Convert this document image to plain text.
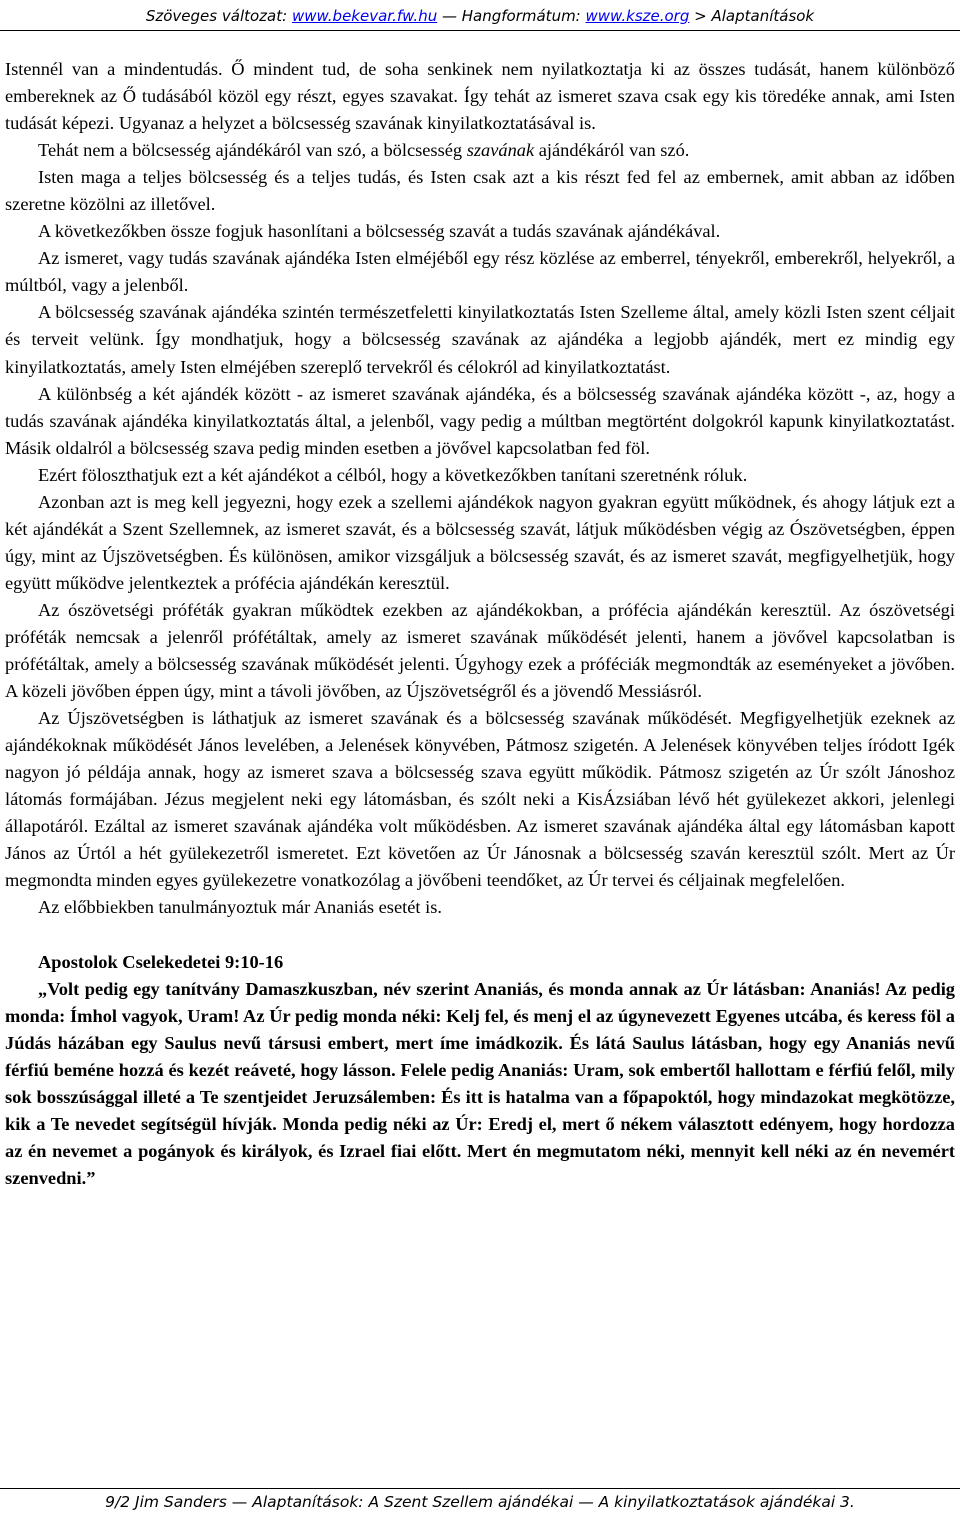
Szöveges változat: www.bekevar.fw.hu — Hangformátum: www.ksze.org > Alaptanítások

Istennél van a mindentudás. Ő mindent tud, de soha senkinek nem nyilatkoztatja ki az összes tudását, hanem különböző embereknek az Ő tudásából közöl egy részt, egyes szavakat. Így tehát az ismeret szava csak egy kis töredéke annak, ami Isten tudását képezi. Ugyanaz a helyzet a bölcsesség szavának kinyilatkoztatásával is.

Tehát nem a bölcsesség ajándékáról van szó, a bölcsesség szavának ajándékáról van szó.

Isten maga a teljes bölcsesség és a teljes tudás, és Isten csak azt a kis részt fed fel az embernek, amit abban az időben szeretne közölni az illetővel.

A következőkben össze fogjuk hasonlítani a bölcsesség szavát a tudás szavának ajándékával.

Az ismeret, vagy tudás szavának ajándéka Isten elméjéből egy rész közlése az emberrel, tényekről, emberekről, helyekről, a múltból, vagy a jelenből.

A bölcsesség szavának ajándéka szintén természetfeletti kinyilatkoztatás Isten Szelleme által, amely közli Isten szent céljait és terveit velünk. Így mondhatjuk, hogy a bölcsesség szavának az ajándéka a legjobb ajándék, mert ez mindig egy kinyilatkoztatás, amely Isten elméjében szereplő tervekről és célokról ad kinyilatkoztatást.

A különbség a két ajándék között - az ismeret szavának ajándéka, és a bölcsesség szavának ajándéka között -, az, hogy a tudás szavának ajándéka kinyilatkoztatás által, a jelenből, vagy pedig a múltban megtörtént dolgokról kapunk kinyilatkoztatást. Másik oldalról a bölcsesség szava pedig minden esetben a jövővel kapcsolatban fed föl.

Ezért föloszthatjuk ezt a két ajándékot a célból, hogy a következőkben tanítani szeretnénk róluk.

Azonban azt is meg kell jegyezni, hogy ezek a szellemi ajándékok nagyon gyakran együtt működnek, és ahogy látjuk ezt a két ajándékát a Szent Szellemnek, az ismeret szavát, és a bölcsesség szavát, látjuk működésben végig az Ószövetségben, éppen úgy, mint az Újszövetségben. És különösen, amikor vizsgáljuk a bölcsesség szavát, és az ismeret szavát, megfigyelhetjük, hogy együtt működve jelentkeztek a prófécia ajándékán keresztül.

Az ószövetségi próféták gyakran működtek ezekben az ajándékokban, a prófécia ajándékán keresztül. Az ószövetségi próféták nemcsak a jelenről prófétáltak, amely az ismeret szavának működését jelenti, hanem a jövővel kapcsolatban is prófétáltak, amely a bölcsesség szavának működését jelenti. Úgyhogy ezek a próféciák megmondták az eseményeket a jövőben. A közeli jövőben éppen úgy, mint a távoli jövőben, az Újszövetségről és a jövendő Messiásról.

Az Újszövetségben is láthatjuk az ismeret szavának és a bölcsesség szavának működését. Megfigyelhetjük ezeknek az ajándékoknak működését János levelében, a Jelenések könyvében, Pátmosz szigetén. A Jelenések könyvében teljes íródott Igék nagyon jó példája annak, hogy az ismeret szava a bölcsesség szava együtt működik. Pátmosz szigetén az Úr szólt Jánoshoz látomás formájában. Jézus megjelent neki egy látomásban, és szólt neki a KisÁzsiában lévő hét gyülekezet akkori, jelenlegi állapotáról. Ezáltal az ismeret szavának ajándéka volt működésben. Az ismeret szavának ajándéka által egy látomásban kapott János az Úrtól a hét gyülekezetről ismeretet. Ezt követően az Úr Jánosnak a bölcsesség szaván keresztül szólt. Mert az Úr megmondta minden egyes gyülekezetre vonatkozólag a jövőbeni teendőket, az Úr tervei és céljainak megfelelően.

Az előbbiekben tanulmányoztuk már Ananiás esetét is.

Apostolok Cselekedetei 9:10-16

„Volt pedig egy tanítvány Damaszkuszban, név szerint Ananiás, és monda annak az Úr látásban: Ananiás! Az pedig monda: Ímhol vagyok, Uram! Az Úr pedig monda néki: Kelj fel, és menj el az úgynevezett Egyenes utcába, és keress föl a Júdás házában egy Saulus nevű társusi embert, mert íme imádkozik. És látá Saulus látásban, hogy egy Ananiás nevű férfiú beméne hozzá és kezét reáveté, hogy lásson. Felele pedig Ananiás: Uram, sok embertől hallottam e férfiú felől, mily sok bosszúsággal illeté a Te szentjeidet Jeruzsálemben: És itt is hatalma van a főpapoktól, hogy mindazokat megkötözze, kik a Te nevedet segítségül hívják. Monda pedig néki az Úr: Eredj el, mert ő nékem választott edényem, hogy hordozza az én nevemet a pogányok és királyok, és Izrael fiai előtt. Mert én megmutatom néki, mennyit kell néki az én nevemért szenvedni.”

9/2 Jim Sanders — Alaptanítások: A Szent Szellem ajándékai — A kinyilatkoztatások ajándékai 3.
